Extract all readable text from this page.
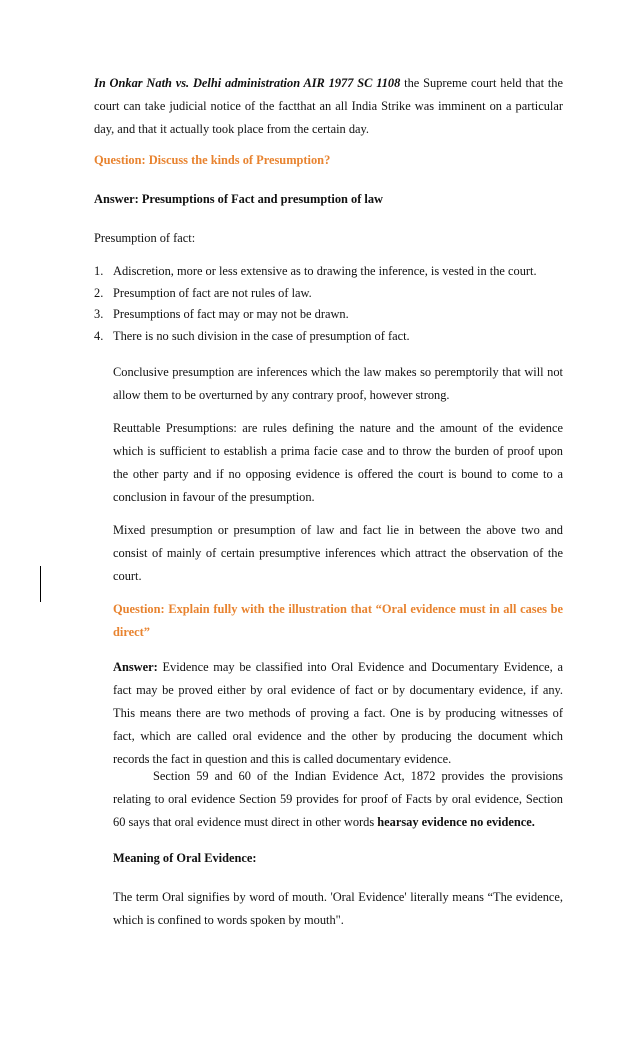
In Onkar Nath vs. Delhi administration AIR 1977 SC 1108 the Supreme court held that the court can take judicial notice of the factthat an all India Strike was imminent on a particular day, and that it actually took place from the certain day.

Question: Discuss the kinds of Presumption?

Answer: Presumptions of Fact and presumption of law

Presumption of fact:

1. Adiscretion, more or less extensive as to drawing the inference, is vested in the court.
2. Presumption of fact are not rules of law.
3. Presumptions of fact may or may not be drawn.
4. There is no such division in the case of presumption of fact.

Conclusive presumption are inferences which the law makes so peremptorily that will not allow them to be overturned by any contrary proof, however strong.

Reuttable Presumptions: are rules defining the nature and the amount of the evidence which is sufficient to establish a prima facie case and to throw the burden of proof upon the other party and if no opposing evidence is offered the court is bound to come to a conclusion in favour of the presumption.

Mixed presumption or presumption of law and fact lie in between the above two and consist of mainly of certain presumptive inferences which attract the observation of the court.

Question: Explain fully with the illustration that “Oral evidence must in all cases be direct”

Answer: Evidence may be classified into Oral Evidence and Documentary Evidence, a fact may be proved either by oral evidence of fact or by documentary evidence, if any. This means there are two methods of proving a fact. One is by producing witnesses of fact, which are called oral evidence and the other by producing the document which records the fact in question and this is called documentary evidence.

Section 59 and 60 of the Indian Evidence Act, 1872 provides the provisions relating to oral evidence Section 59 provides for proof of Facts by oral evidence, Section 60 says that oral evidence must direct in other words hearsay evidence no evidence.

Meaning of Oral Evidence:

The term Oral signifies by word of mouth. 'Oral Evidence' literally means “The evidence, which is confined to words spoken by mouth".
